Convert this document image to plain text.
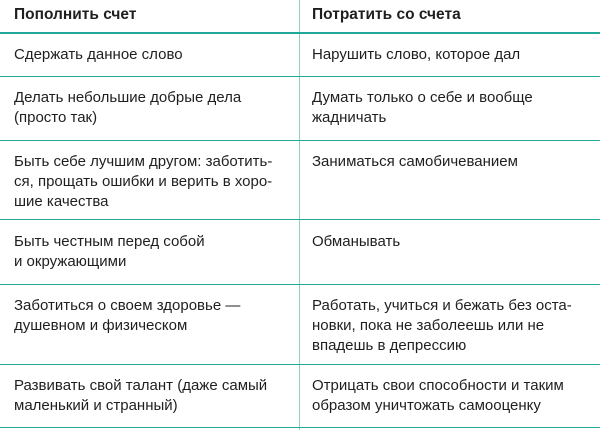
Пополнить счет	Потратить со счета
Сдержать данное слово	Нарушить слово, которое дал
Делать небольшие добрые дела
(просто так)
Думать только о себе и вообще
жадничать
Быть себе лучшим другом: заботить-
ся, прощать ошибки и верить в хоро-
шие качества
Заниматься самобичеванием
Быть честным перед собой
и окружающими
Обманывать
Заботиться о своем здоровье —
душевном и физическом
Работать, учиться и бежать без оста-
новки, пока не заболеешь или не
впадешь в депрессию
Развивать свой талант (даже самый
маленький и странный)
Отрицать свои способности и таким
образом уничтожать самооценку
